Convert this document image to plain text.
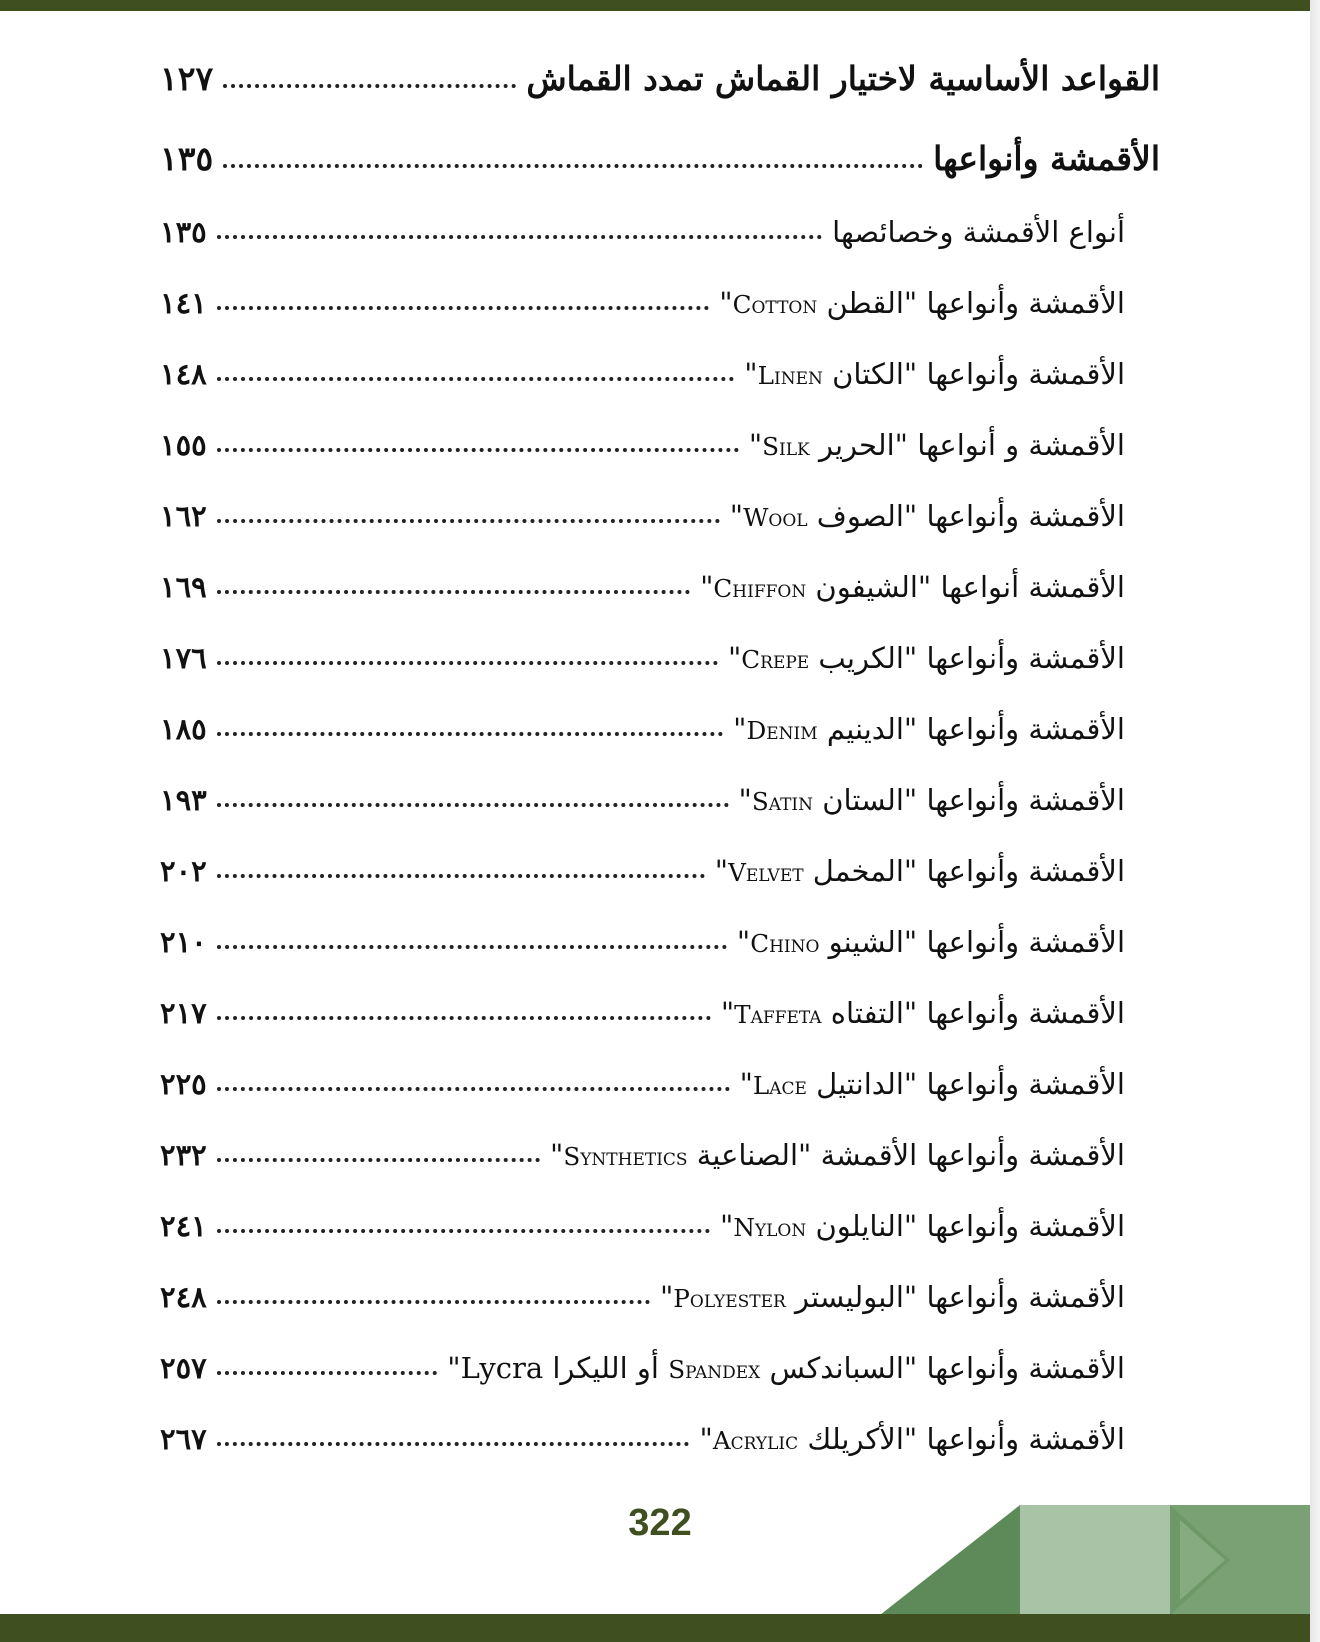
القواعد الأساسية لاختيار القماش تمدد القماش
١٢٧
الأقمشة وأنواعها
١٣٥
أنواع الأقمشة وخصائصها
١٣٥
الأقمشة وأنواعها "القطن Cotton"
١٤١
الأقمشة وأنواعها "الكتان Linen"
١٤٨
الأقمشة و أنواعها "الحرير Silk"
١٥٥
الأقمشة وأنواعها "الصوف Wool"
١٦٢
الأقمشة أنواعها "الشيفون Chiffon"
١٦٩
الأقمشة وأنواعها "الكريب Crepe"
١٧٦
الأقمشة وأنواعها "الدينيم Denim"
١٨٥
الأقمشة وأنواعها "الستان Satin"
١٩٣
الأقمشة وأنواعها "المخمل Velvet"
٢٠٢
الأقمشة وأنواعها "الشينو Chino"
٢١٠
الأقمشة وأنواعها "التفتاه Taffeta"
٢١٧
الأقمشة وأنواعها "الدانتيل Lace"
٢٢٥
الأقمشة وأنواعها الأقمشة "الصناعية Synthetics"
٢٣٢
الأقمشة وأنواعها "النايلون Nylon"
٢٤١
الأقمشة وأنواعها "البوليستر Polyester"
٢٤٨
الأقمشة وأنواعها "السباندكس Spandex أو الليكرا Lycra"
٢٥٧
الأقمشة وأنواعها "الأكريلك Acrylic"
٢٦٧
322
